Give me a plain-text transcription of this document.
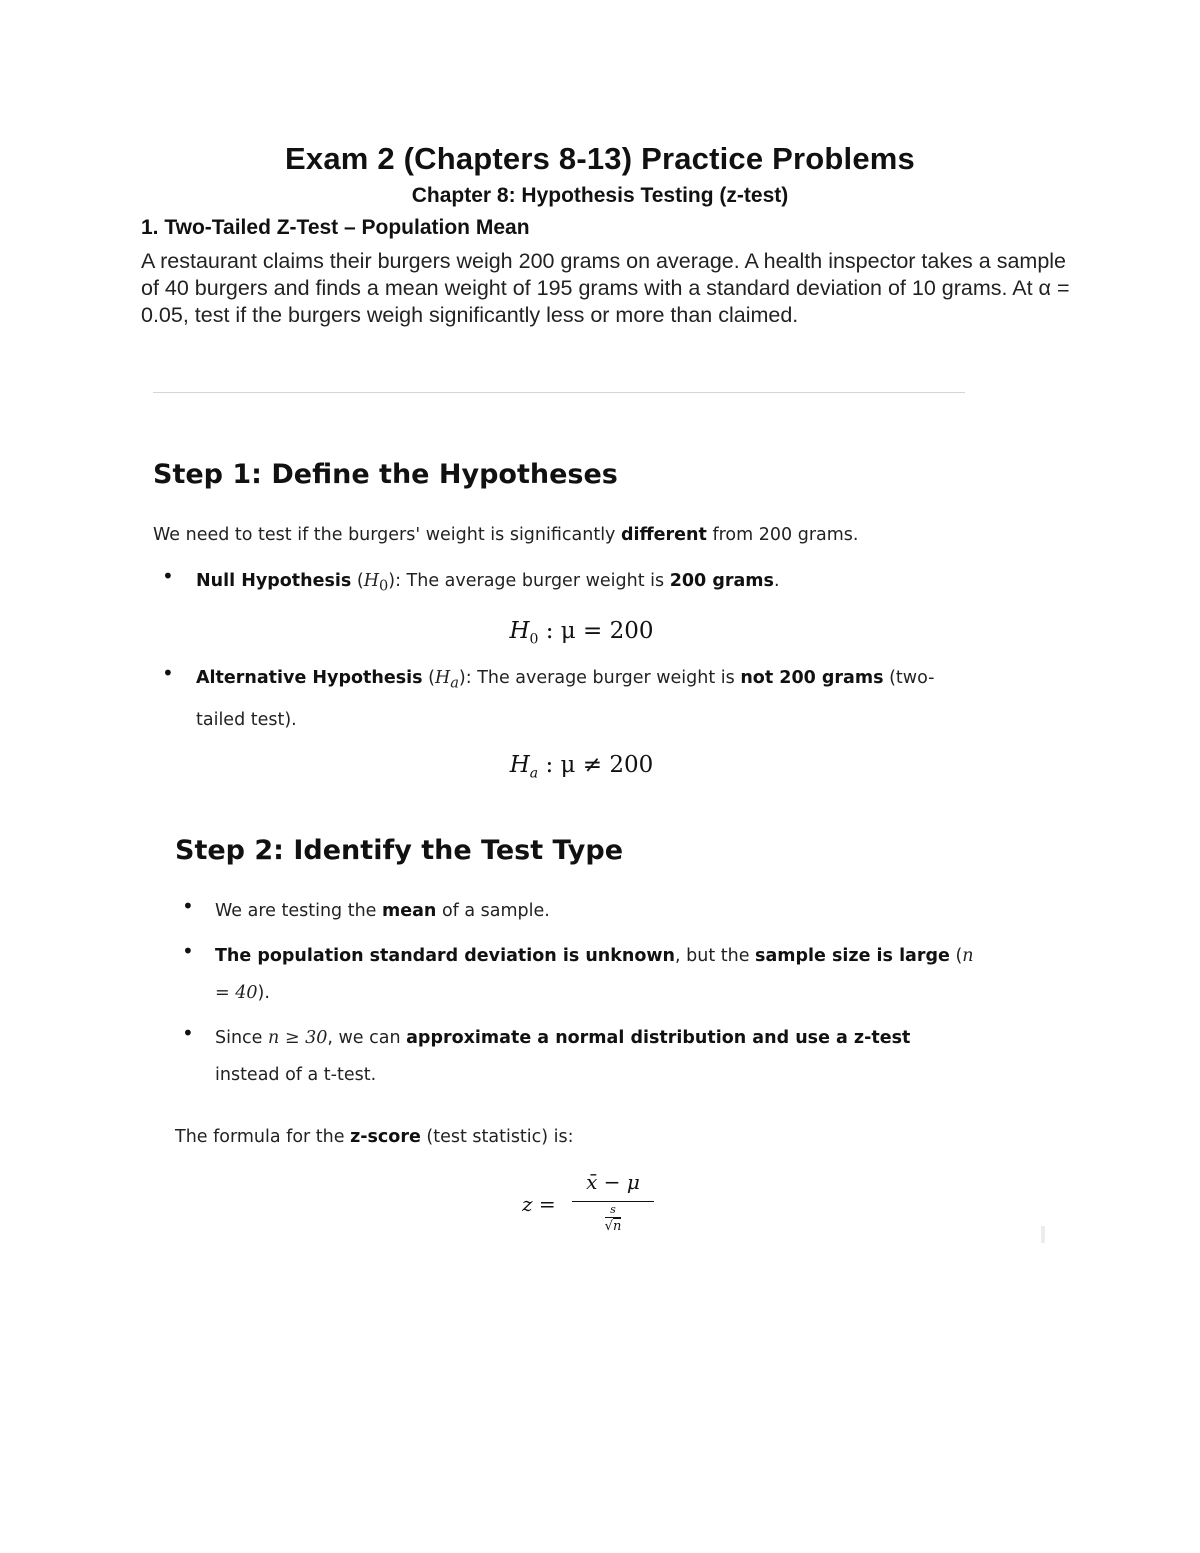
Exam 2 (Chapters 8-13) Practice Problems
Chapter 8: Hypothesis Testing (z-test)
1. Two-Tailed Z-Test – Population Mean
A restaurant claims their burgers weigh 200 grams on average. A health inspector takes a sample of 40 burgers and finds a mean weight of 195 grams with a standard deviation of 10 grams. At α = 0.05, test if the burgers weigh significantly less or more than claimed.
Step 1: Define the Hypotheses
We need to test if the burgers' weight is significantly different from 200 grams.
• Null Hypothesis $(H_0)$: The average burger weight is 200 grams.
$H_0$ : μ = 200
• Alternative Hypothesis $(H_a)$: The average burger weight is not 200 grams (two-tailed test).
$H_a$ : μ ≠ 200
Step 2: Identify the Test Type
• We are testing the mean of a sample.
• The population standard deviation is unknown, but the sample size is large (n = 40).
• Since n ≥ 30, we can approximate a normal distribution and use a z-test instead of a t-test.
The formula for the z-score (test statistic) is:
z =
x̄ − μ
s
√n
